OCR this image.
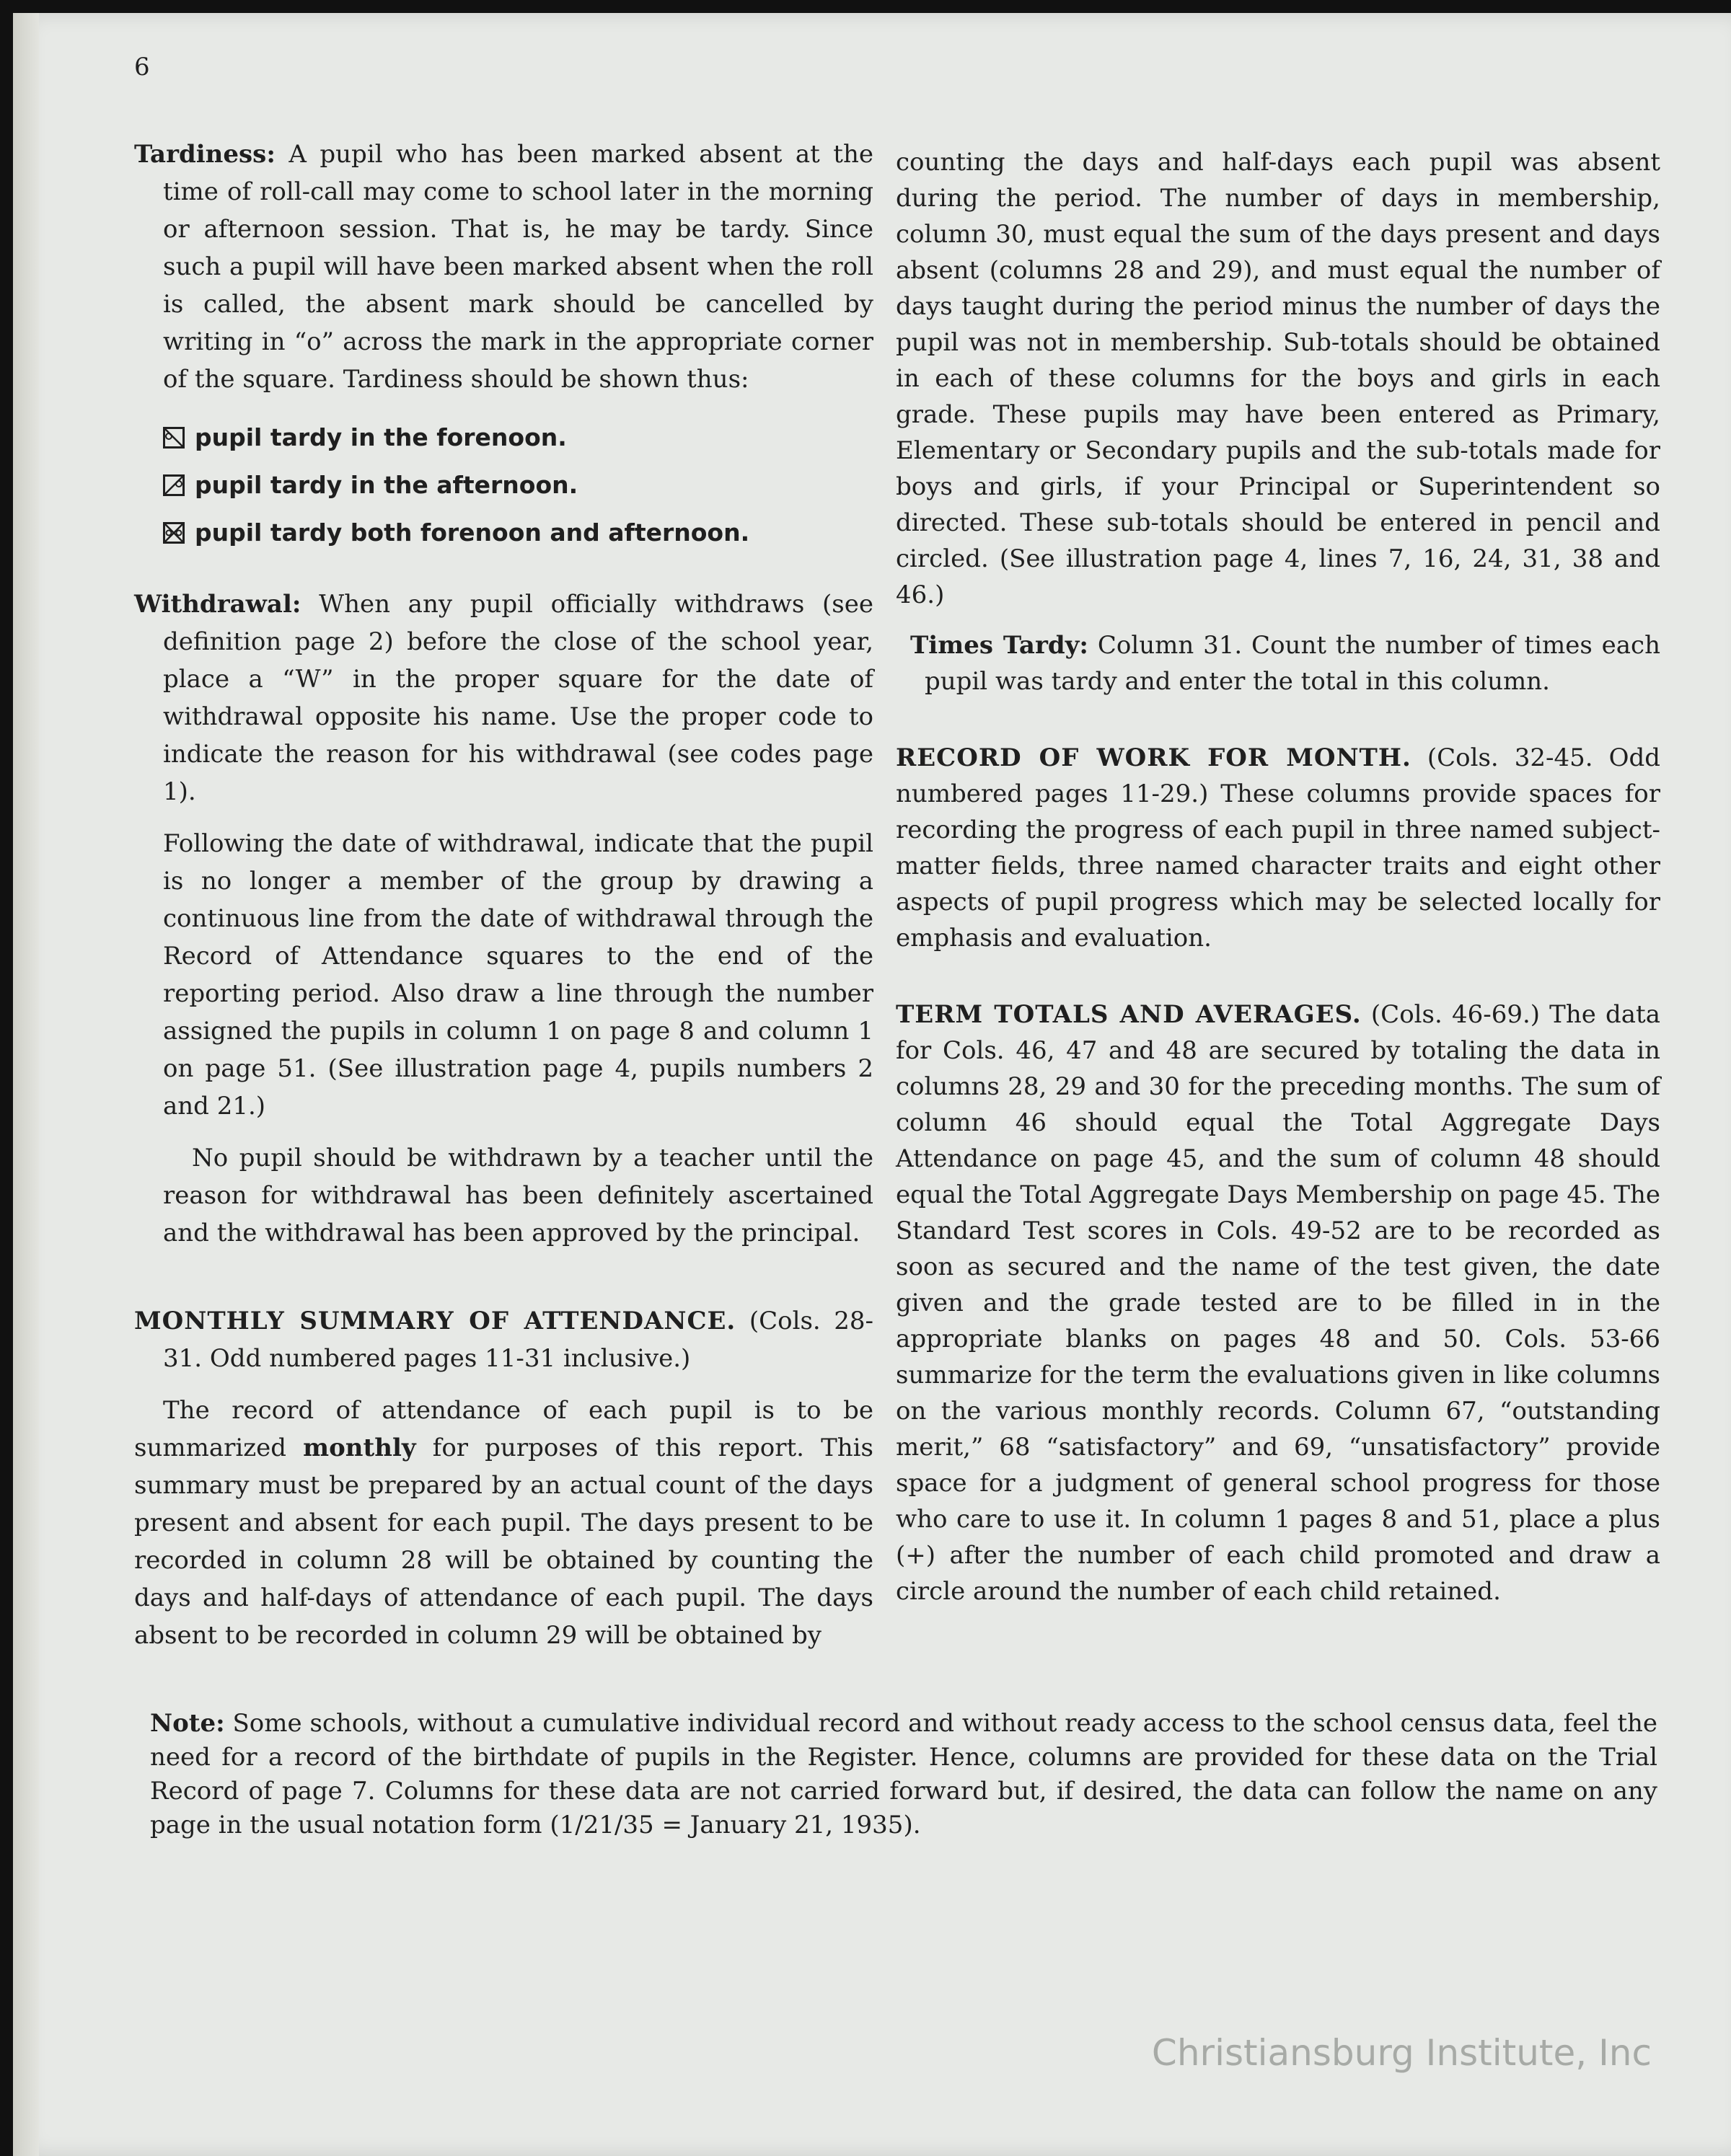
6

Tardiness: A pupil who has been marked absent at the time of roll-call may come to school later in the morning or afternoon session. That is, he may be tardy. Since such a pupil will have been marked absent when the roll is called, the absent mark should be cancelled by writing in “o” across the mark in the appropriate corner of the square. Tardiness should be shown thus:

pupil tardy in the forenoon.
pupil tardy in the afternoon.
pupil tardy both forenoon and afternoon.

Withdrawal: When any pupil officially withdraws (see definition page 2) before the close of the school year, place a “W” in the proper square for the date of withdrawal opposite his name. Use the proper code to indicate the reason for his withdrawal (see codes page 1).

Following the date of withdrawal, indicate that the pupil is no longer a member of the group by drawing a continuous line from the date of withdrawal through the Record of Attendance squares to the end of the reporting period. Also draw a line through the number assigned the pupils in column 1 on page 8 and column 1 on page 51. (See illustration page 4, pupils numbers 2 and 21.)

No pupil should be withdrawn by a teacher until the reason for withdrawal has been definitely ascertained and the withdrawal has been approved by the principal.

MONTHLY SUMMARY OF ATTENDANCE. (Cols. 28-31. Odd numbered pages 11-31 inclusive.)

The record of attendance of each pupil is to be summarized monthly for purposes of this report. This summary must be prepared by an actual count of the days present and absent for each pupil. The days present to be recorded in column 28 will be obtained by counting the days and half-days of attendance of each pupil. The days absent to be recorded in column 29 will be obtained by

counting the days and half-days each pupil was absent during the period. The number of days in membership, column 30, must equal the sum of the days present and days absent (columns 28 and 29), and must equal the number of days taught during the period minus the number of days the pupil was not in membership. Sub-totals should be obtained in each of these columns for the boys and girls in each grade. These pupils may have been entered as Primary, Elementary or Secondary pupils and the sub-totals made for boys and girls, if your Principal or Superintendent so directed. These sub-totals should be entered in pencil and circled. (See illustration page 4, lines 7, 16, 24, 31, 38 and 46.)

Times Tardy: Column 31. Count the number of times each pupil was tardy and enter the total in this column.

RECORD OF WORK FOR MONTH. (Cols. 32-45. Odd numbered pages 11-29.) These columns provide spaces for recording the progress of each pupil in three named subject-matter fields, three named character traits and eight other aspects of pupil progress which may be selected locally for emphasis and evaluation.

TERM TOTALS AND AVERAGES. (Cols. 46-69.) The data for Cols. 46, 47 and 48 are secured by totaling the data in columns 28, 29 and 30 for the preceding months. The sum of column 46 should equal the Total Aggregate Days Attendance on page 45, and the sum of column 48 should equal the Total Aggregate Days Membership on page 45. The Standard Test scores in Cols. 49-52 are to be recorded as soon as secured and the name of the test given, the date given and the grade tested are to be filled in in the appropriate blanks on pages 48 and 50. Cols. 53-66 summarize for the term the evaluations given in like columns on the various monthly records. Column 67, “outstanding merit,” 68 “satisfactory” and 69, “unsatisfactory” provide space for a judgment of general school progress for those who care to use it. In column 1 pages 8 and 51, place a plus (+) after the number of each child promoted and draw a circle around the number of each child retained.

Note: Some schools, without a cumulative individual record and without ready access to the school census data, feel the need for a record of the birthdate of pupils in the Register. Hence, columns are provided for these data on the Trial Record of page 7. Columns for these data are not carried forward but, if desired, the data can follow the name on any page in the usual notation form (1/21/35 = January 21, 1935).

Christiansburg Institute, Inc
